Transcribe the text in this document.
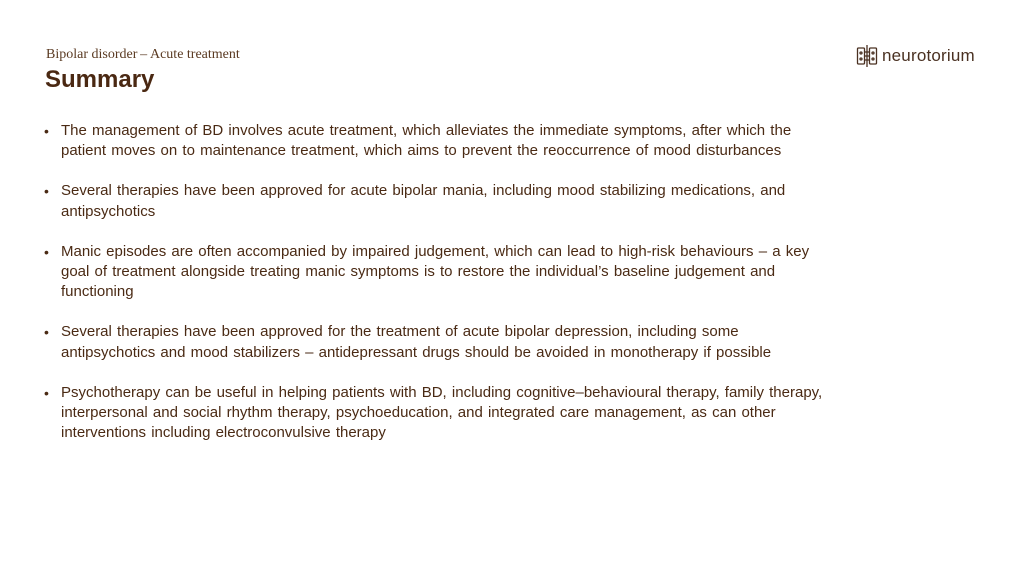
Bipolar disorder – Acute treatment
Summary
neurotorium
• The management of BD involves acute treatment, which alleviates the immediate symptoms, after which the patient moves on to maintenance treatment, which aims to prevent the reoccurrence of mood disturbances
• Several therapies have been approved for acute bipolar mania, including mood stabilizing medications, and antipsychotics
• Manic episodes are often accompanied by impaired judgement, which can lead to high-risk behaviours – a key goal of treatment alongside treating manic symptoms is to restore the individual’s baseline judgement and functioning
• Several therapies have been approved for the treatment of acute bipolar depression, including some antipsychotics and mood stabilizers – antidepressant drugs should be avoided in monotherapy if possible
• Psychotherapy can be useful in helping patients with BD, including cognitive–behavioural therapy, family therapy, interpersonal and social rhythm therapy, psychoeducation, and integrated care management, as can other interventions including electroconvulsive therapy
